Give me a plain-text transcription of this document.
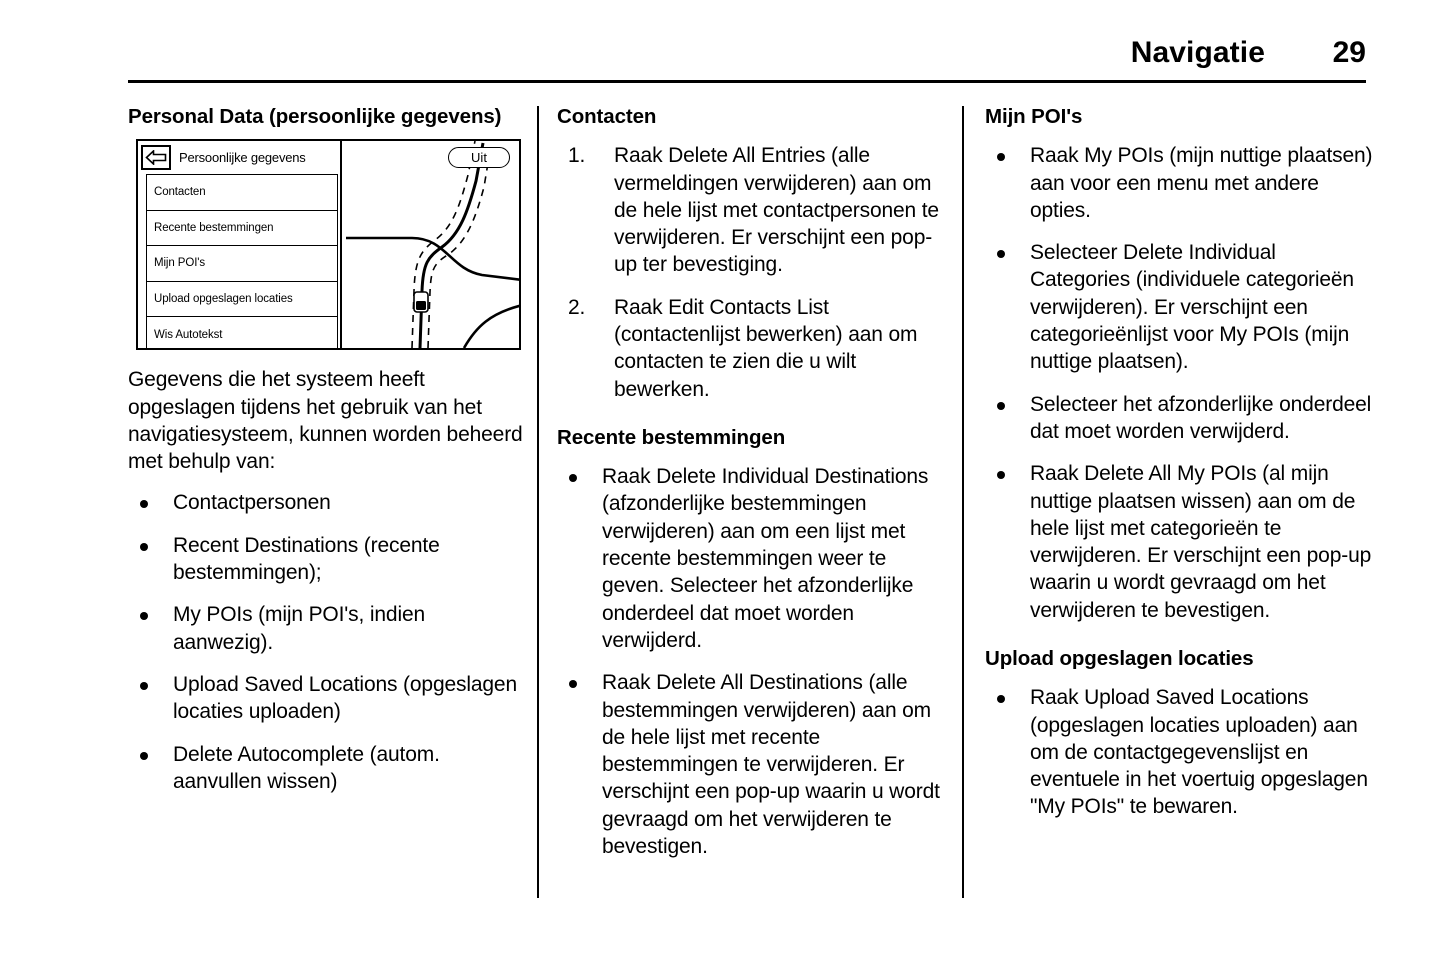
Navigatie 29
Personal Data (persoonlijke gegevens)
Persoonlijke gegevens
Contacten
Recente bestemmingen
Mijn POI's
Upload opgeslagen locaties
Wis Autotekst
Uit

Gegevens die het systeem heeft opgeslagen tijdens het gebruik van het navigatiesysteem, kunnen worden beheerd met behulp van:

Contactpersonen
Recent Destinations (recente bestemmingen);
My POIs (mijn POI's, indien aanwezig).
Upload Saved Locations (opgeslagen locaties uploaden)
Delete Autocomplete (autom. aanvullen wissen)
Contacten
Raak Delete All Entries (alle vermeldingen verwijderen) aan om de hele lijst met contactpersonen te verwijderen. Er verschijnt een pop-up ter bevestiging.
Raak Edit Contacts List (contactenlijst bewerken) aan om contacten te zien die u wilt bewerken.
Recente bestemmingen
Raak Delete Individual Destinations (afzonderlijke bestemmingen verwijderen) aan om een lijst met recente bestemmingen weer te geven. Selecteer het afzonderlijke onderdeel dat moet worden verwijderd.
Raak Delete All Destinations (alle bestemmingen verwijderen) aan om de hele lijst met recente bestemmingen te verwijderen. Er verschijnt een pop-up waarin u wordt gevraagd om het verwijderen te bevestigen.
Mijn POI's
Raak My POIs (mijn nuttige plaatsen) aan voor een menu met andere opties.
Selecteer Delete Individual Categories (individuele categorieën verwijderen). Er verschijnt een categorieënlijst voor My POIs (mijn nuttige plaatsen).
Selecteer het afzonderlijke onderdeel dat moet worden verwijderd.
Raak Delete All My POIs (al mijn nuttige plaatsen wissen) aan om de hele lijst met categorieën te verwijderen. Er verschijnt een pop-up waarin u wordt gevraagd om het verwijderen te bevestigen.
Upload opgeslagen locaties
Raak Upload Saved Locations (opgeslagen locaties uploaden) aan om de contactgegevenslijst en eventuele in het voertuig opgeslagen "My POIs" te bewaren.
